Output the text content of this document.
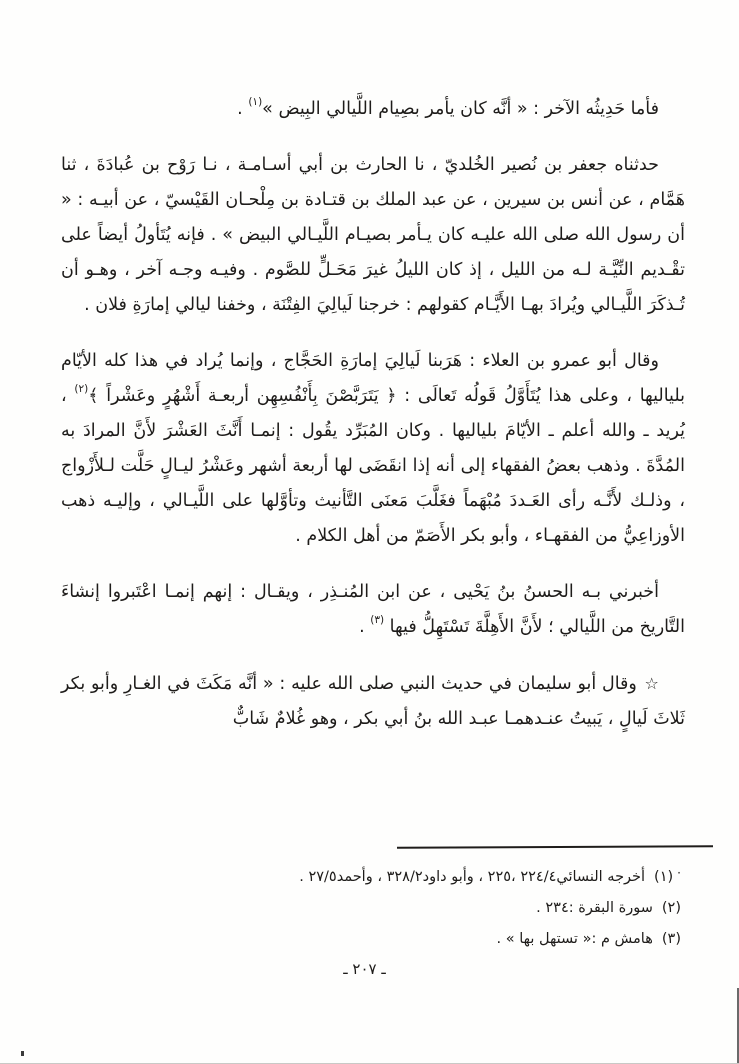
فأما حَدِيثُه الآخر : « أنَّه كان يأمر بصِيام اللَّيالي البِيض »$^{(١)}$ .

حدثناه جعفر بن نُصير الخُلديّ ، نا الحارث بن أبي أسـامـة ، نـا رَوْح بن عُبادَةَ ، ثنا هَمَّام ، عن أنس بن سيرين ، عن عبد الملك بن قتـادة بن مِلْحـان القَيْسيّ ، عن أبيـه : « أن رسول الله صلى الله عليـه كان يـأمر بصيـام اللَّيـالي البيض » . فإنه يُتَأولُ أيضاً على تقْـديم النِّيَّـة لـه من الليل ، إذ كان الليلُ غيرَ مَحَـلٍّ للصَّوم . وفيـه وجـه آخر ، وهـو أن تُـذكَرَ اللَّيـالي ويُرادَ بهـا الأَيَّـام كقولهم : خرجنا لَيالِيَ الفِتْنَة ، وخفنا ليالي إمارَةِ فلان .

وقال أبو عمرو بن العلاء : هَرَبنا لَيالِيَ إمارَةِ الحَجَّاج ، وإنما يُراد في هذا كله الأيّام بلياليها ، وعلى هذا يُتَأَوَّلُ قَولُه تَعالَى : ﴿ يَتَرَبَّصْنَ بِأَنْفُسِهِن أربعـة أَشْهُرٍ وعَشْراً ﴾$^{(٢)}$ ، يُريد ـ والله أعلم ـ الأيّامَ بلياليها . وكان المُبَرِّد يقُول : إنمـا أَنَّثَ العَشْرَ لأَنَّ المرادَ به المُدَّةَ . وذهب بعضُ الفقهاء إلى أنه إذا انقَضَى لها أربعة أشهر وعَشْرُ ليـالٍ حَلَّت لـلأَزْواج ، وذلـك لأَنَّـه رأى العَـددَ مُبْهَماً فغَلَّبَ مَعنَى التَّأنيث وتأوَّلها على اللَّيـالي ، وإليـه ذهب الأوزاعِيُّ من الفقهـاء ، وأبو بكر الأَصَمّ من أهل الكلام .

أخبرني بـه الحسنُ بنُ يَحْيى ، عن ابن المُنـذِر ، ويقـال : إنهم إنمـا اعْتَبروا إنشاءَ التَّاريخ من اللَّيالي ؛ لأَنَّ الأَهِلَّةَ تَسْتَهِلُّ فيها $^{(٣)}$ .

☆ وقال أبو سليمان في حديث النبي صلى الله عليه : « أنَّه مَكَثَ في الغـارِ وأبو بكر ثَلاثَ لَيالٍ ، يَبيتُ عنـدهمـا عبـد الله بنُ أبي بكر ، وهو غُلامٌ شَابٌّ

·(١)أخرجه النسائي٢٢٤/٤ ،٢٢٥ ، وأبو داود٣٢٨/٢ ، وأحمد٢٧/٥ .
(٢)سورة البقرة :٢٣٤ .
(٣)هامش م :« تستهل بها » .
ـ ٢٠٧ ـ
